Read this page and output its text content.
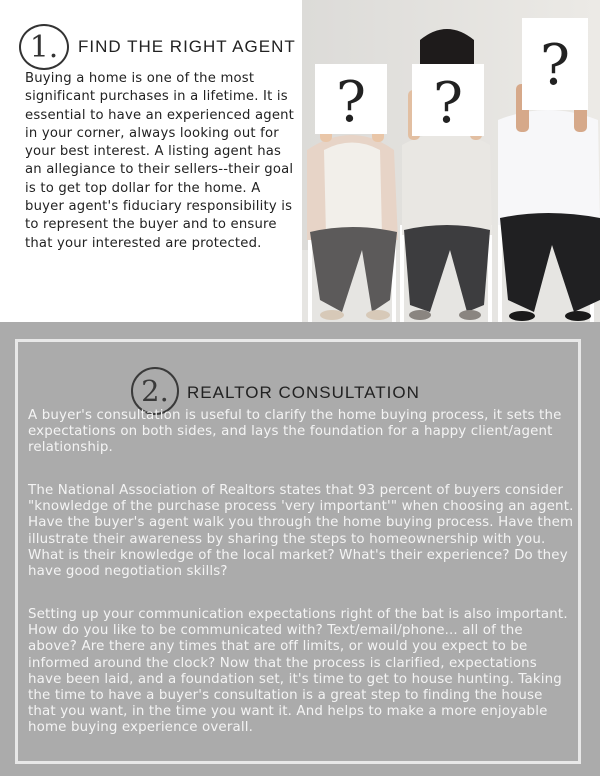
1.	FIND THE RIGHT AGENT
Buying a home is one of the most significant purchases in a lifetime. It is essential to have an experienced agent in your corner, always looking out for your best interest. A listing agent has an allegiance to their sellers--their goal is to get top dollar for the home. A buyer agent's fiduciary responsibility is to represent the buyer and to ensure that your interested are protected.
? ?
?
2.	REALTOR CONSULTATION

A buyer's consultation is useful to clarify the home buying process, it sets the expectations on both sides, and lays the foundation for a happy client/agent relationship.

The National Association of Realtors states that 93 percent of buyers consider "knowledge of the purchase process 'very important'" when choosing an agent. Have the buyer's agent walk you through the home buying process. Have them illustrate their awareness by sharing the steps to homeownership with you. What is their knowledge of the local market? What's their experience? Do they have good negotiation skills?

Setting up your communication expectations right of the bat is also important. How do you like to be communicated with? Text/email/phone... all of the above? Are there any times that are off limits, or would you expect to be informed around the clock? Now that the process is clarified, expectations have been laid, and a foundation set, it's time to get to house hunting. Taking the time to have a buyer's consultation is a great step to finding the house that you want, in the time you want it. And helps to make a more enjoyable home buying experience overall.
